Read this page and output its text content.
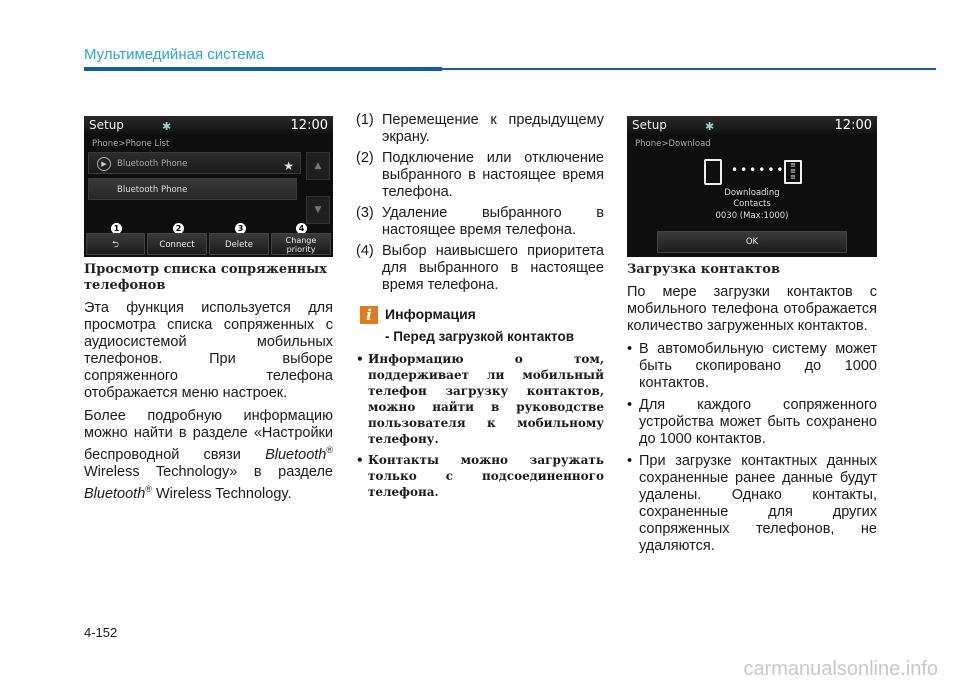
Мультимедийная система
Setup	✱	12:00
Phone>Phone List
▶	Bluetooth Phone	★
Bluetooth Phone
▲
▼
1	2	3	4
⮌	Connect	Delete	Change
priority
Просмотр списка сопряженных телефонов

Эта функция используется для просмотра списка сопряженных с аудиосистемой мобильных телефонов. При выборе сопряженного телефона отображается меню настроек.

Более подробную информацию можно найти в разделе «Настройки беспроводной связи Bluetooth® Wireless Technology» в разделе Bluetooth® Wireless Technology.

(1) Перемещение к предыдущему экрану.
(2) Подключение или отключение выбранного в настоящее время телефона.
(3) Удаление выбранного в настоящее время телефона.
(4) Выбор наивысшего приоритета для выбранного в настоящее время телефона.
i Информация
- Перед загрузкой контактов
• Информацию о том, поддерживает ли мобильный телефон загрузку контактов, можно найти в руководстве пользователя к мобильному телефону.
• Контакты можно загружать только с подсоединенного телефона.
Setup	✱	12:00
Phone>Download
•••••• ≡
≡
≡
Downloading
Contacts
0030 (Max:1000)
OK
Загрузка контактов

По мере загрузки контактов с мобильного телефона отображается количество загруженных контактов.

• В автомобильную систему может быть скопировано до 1000 контактов.
• Для каждого сопряженного устройства может быть сохранено до 1000 контактов.
• При загрузке контактных данных сохраненные ранее данные будут удалены. Однако контакты, сохраненные для других сопряженных телефонов, не удаляются.
4-152
carmanualsonline.info
